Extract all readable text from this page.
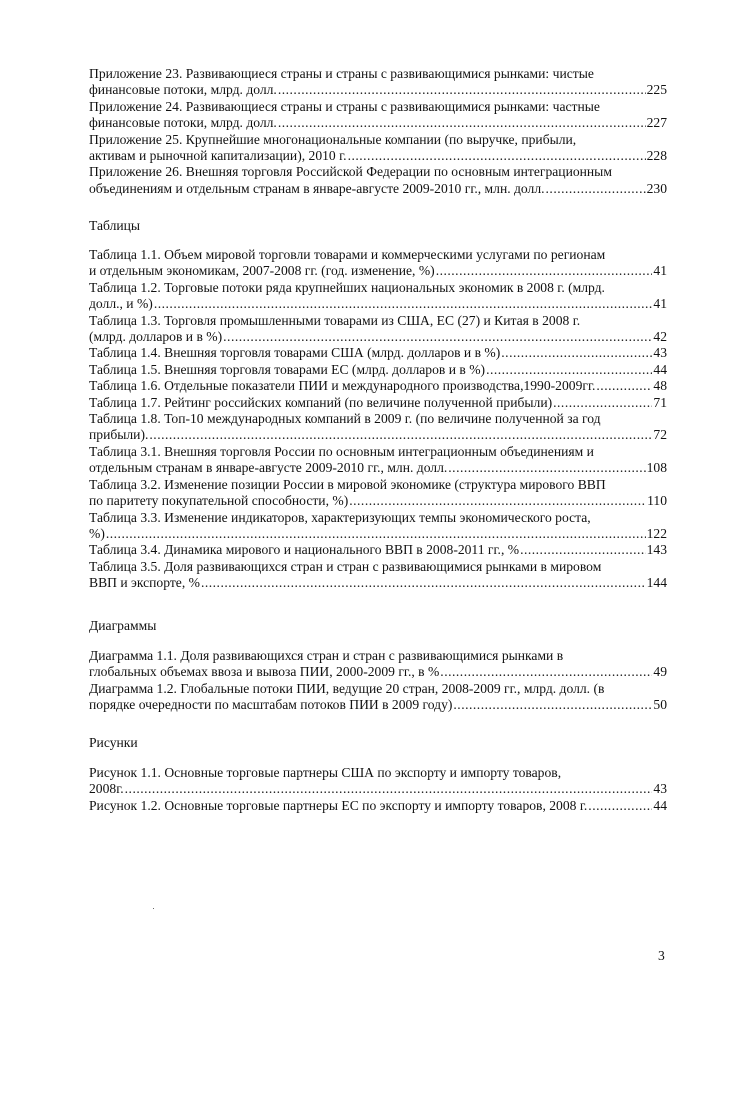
Приложение 23. Развивающиеся страны и страны с развивающимися рынками: чистые
финансовые потоки, млрд. долл. .....	225
Приложение 24. Развивающиеся страны и страны с развивающимися рынками: частные
финансовые потоки, млрд. долл. .....	227
Приложение 25. Крупнейшие многонациональные компании (по выручке, прибыли,
активам и рыночной капитализации), 2010 г. .....	228
Приложение 26. Внешняя торговля Российской Федерации по основным интеграционным
объединениям и отдельным странам в январе-августе 2009-2010 гг., млн. долл. .....	230
Таблицы
Таблица 1.1. Объем мировой торговли товарами и коммерческими услугами по регионам
и отдельным экономикам, 2007-2008 гг. (год. изменение, %) .....	41
Таблица 1.2. Торговые потоки ряда крупнейших национальных экономик в 2008 г. (млрд.
долл., и %) .....	41
Таблица 1.3. Торговля промышленными товарами из США, ЕС (27) и Китая в 2008 г.
(млрд. долларов и в %) .....	42
Таблица 1.4. Внешняя торговля товарами США (млрд. долларов и в %) .....	43
Таблица 1.5. Внешняя торговля товарами ЕС (млрд. долларов и в %) .....	44
Таблица 1.6. Отдельные показатели ПИИ и международного производства,1990-2009гг. .....	48
Таблица 1.7. Рейтинг российских компаний (по величине полученной прибыли) .....	71
Таблица 1.8. Топ-10 международных компаний в 2009 г. (по величине полученной за год
прибыли). .....	72
Таблица 3.1. Внешняя торговля России по основным интеграционным объединениям и
отдельным странам в январе-августе 2009-2010 гг., млн. долл. .....	108
Таблица 3.2. Изменение позиции России в мировой экономике (структура мирового ВВП
по паритету покупательной способности, %) .....	110
Таблица 3.3. Изменение индикаторов, характеризующих темпы экономического роста,
%) .....	122
Таблица 3.4. Динамика мирового и национального ВВП в 2008-2011 гг., % .....	143
Таблица 3.5. Доля развивающихся стран и стран с развивающимися рынками в мировом
ВВП и экспорте, % .....	144
Диаграммы
Диаграмма 1.1. Доля развивающихся стран и стран с развивающимися рынками в
глобальных объемах ввоза и вывоза ПИИ, 2000-2009 гг., в % .....	49
Диаграмма 1.2. Глобальные потоки ПИИ, ведущие 20 стран, 2008-2009 гг., млрд. долл. (в
порядке очередности по масштабам потоков ПИИ в 2009 году) .....	50
Рисунки
Рисунок 1.1. Основные торговые партнеры США по экспорту и импорту товаров,
2008г. .....	43
Рисунок 1.2. Основные торговые партнеры ЕС по экспорту и импорту товаров, 2008 г. .....	44
3
